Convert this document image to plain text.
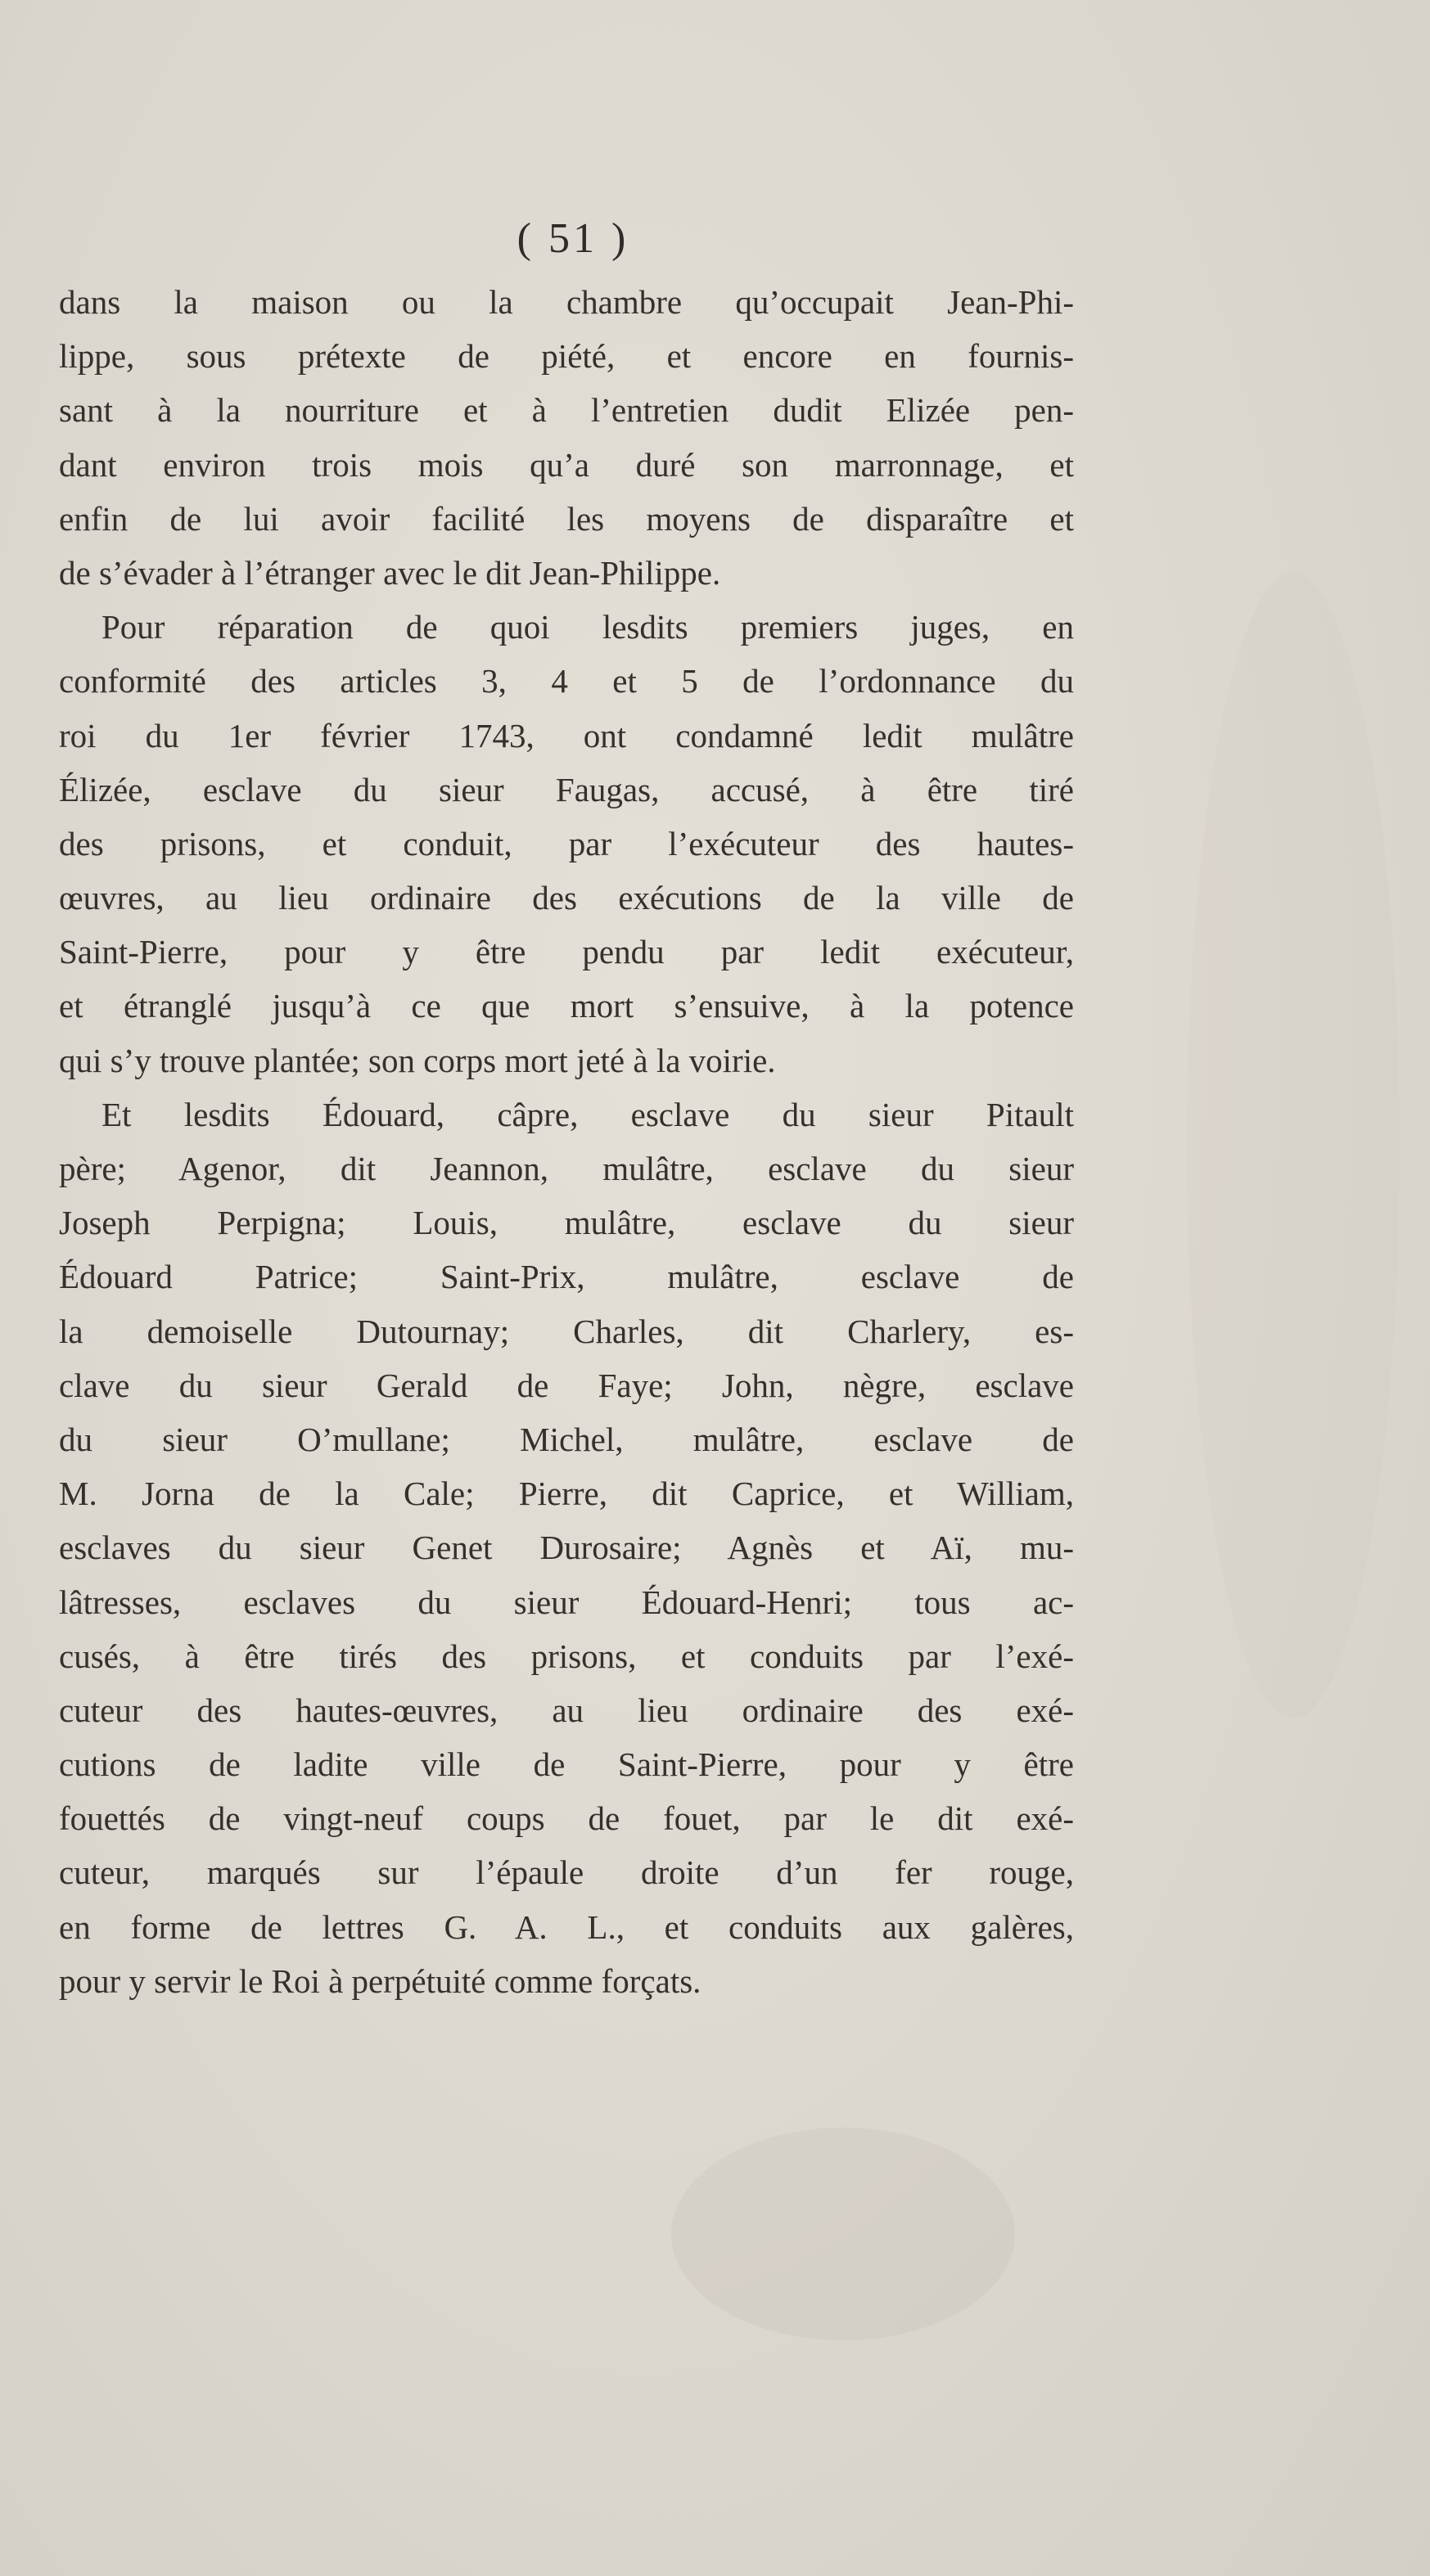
( 51 )
dans la maison ou la chambre qu’occupait Jean-Phi-
lippe, sous prétexte de piété, et encore en fournis-
sant à la nourriture et à l’entretien dudit Elizée pen-
dant environ trois mois qu’a duré son marronnage, et
enfin de lui avoir facilité les moyens de disparaître et
de s’évader à l’étranger avec le dit Jean-Philippe.
Pour réparation de quoi lesdits premiers juges, en
conformité des articles 3, 4 et 5 de l’ordonnance du
roi du 1er février 1743, ont condamné ledit mulâtre
Élizée, esclave du sieur Faugas, accusé, à être tiré
des prisons, et conduit, par l’exécuteur des hautes-
œuvres, au lieu ordinaire des exécutions de la ville de
Saint-Pierre, pour y être pendu par ledit exécuteur,
et étranglé jusqu’à ce que mort s’ensuive, à la potence
qui s’y trouve plantée; son corps mort jeté à la voirie.
Et lesdits Édouard, câpre, esclave du sieur Pitault
père; Agenor, dit Jeannon, mulâtre, esclave du sieur
Joseph Perpigna; Louis, mulâtre, esclave du sieur
Édouard Patrice; Saint-Prix, mulâtre, esclave de
la demoiselle Dutournay; Charles, dit Charlery, es-
clave du sieur Gerald de Faye; John, nègre, esclave
du sieur O’mullane; Michel, mulâtre, esclave de
M. Jorna de la Cale; Pierre, dit Caprice, et William,
esclaves du sieur Genet Durosaire; Agnès et Aï, mu-
lâtresses, esclaves du sieur Édouard-Henri; tous ac-
cusés, à être tirés des prisons, et conduits par l’exé-
cuteur des hautes-œuvres, au lieu ordinaire des exé-
cutions de ladite ville de Saint-Pierre, pour y être
fouettés de vingt-neuf coups de fouet, par le dit exé-
cuteur, marqués sur l’épaule droite d’un fer rouge,
en forme de lettres G. A. L., et conduits aux galères,
pour y servir le Roi à perpétuité comme forçats.
